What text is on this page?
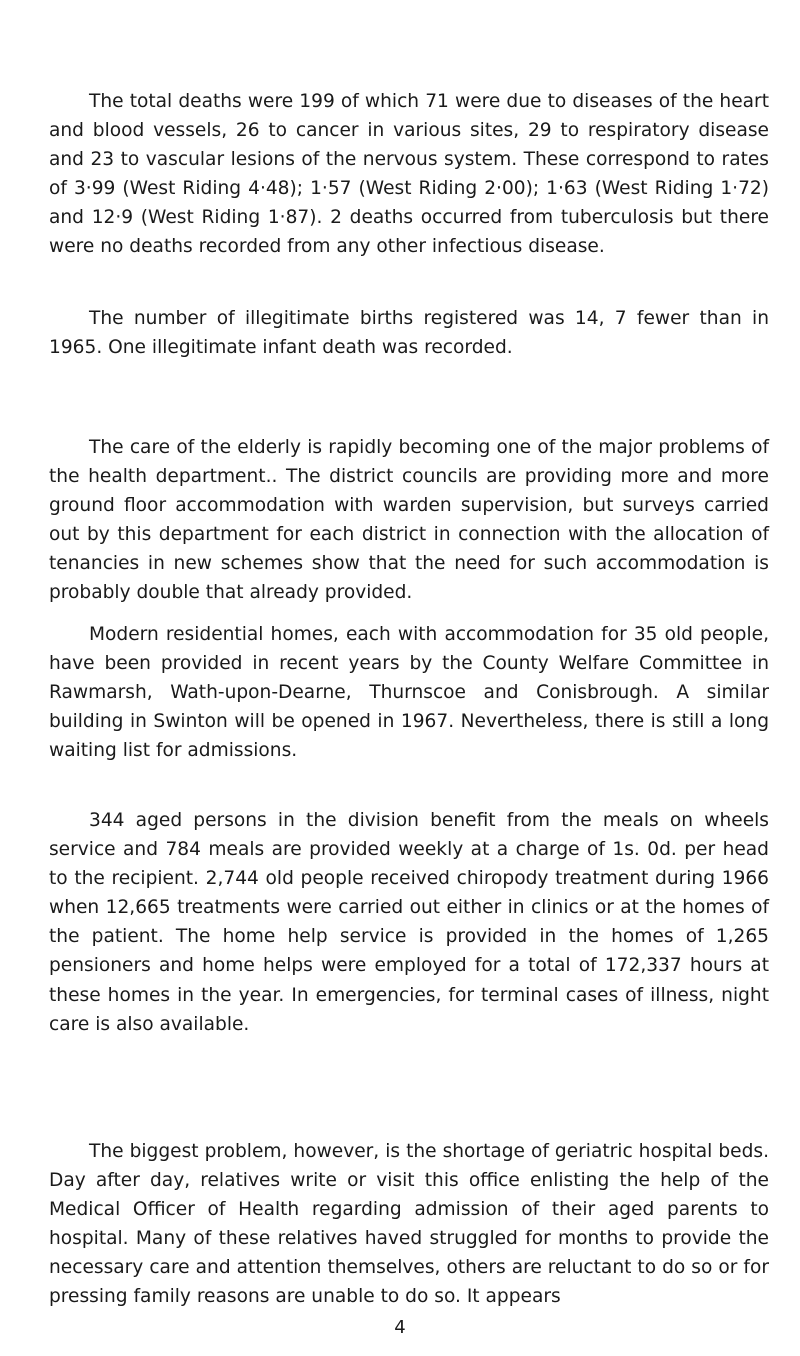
The total deaths were 199 of which 71 were due to diseases of the heart and blood vessels, 26 to cancer in various sites, 29 to respiratory disease and 23 to vascular lesions of the nervous system. These correspond to rates of 3·99 (West Riding 4·48); 1·57 (West Riding 2·00); 1·63 (West Riding 1·72) and 12·9 (West Riding 1·87). 2 deaths occurred from tuberculosis but there were no deaths recorded from any other infectious disease.

The number of illegitimate births registered was 14, 7 fewer than in 1965. One illegitimate infant death was recorded.

The care of the elderly is rapidly becoming one of the major problems of the health department.. The district councils are providing more and more ground floor accommodation with warden supervision, but surveys carried out by this department for each district in connection with the allocation of tenancies in new schemes show that the need for such accommodation is probably double that already provided.

Modern residential homes, each with accommodation for 35 old people, have been provided in recent years by the County Welfare Committee in Rawmarsh, Wath-upon-Dearne, Thurnscoe and Conisbrough. A similar building in Swinton will be opened in 1967. Nevertheless, there is still a long waiting list for admissions.

344 aged persons in the division benefit from the meals on wheels service and 784 meals are provided weekly at a charge of 1s. 0d. per head to the recipient. 2,744 old people received chiropody treatment during 1966 when 12,665 treatments were carried out either in clinics or at the homes of the patient. The home help service is provided in the homes of 1,265 pensioners and home helps were employed for a total of 172,337 hours at these homes in the year. In emergencies, for terminal cases of illness, night care is also available.

The biggest problem, however, is the shortage of geriatric hospital beds. Day after day, relatives write or visit this office enlisting the help of the Medical Officer of Health regarding admission of their aged parents to hospital. Many of these relatives haved struggled for months to provide the necessary care and attention themselves, others are reluctant to do so or for pressing family reasons are unable to do so. It appears

4
